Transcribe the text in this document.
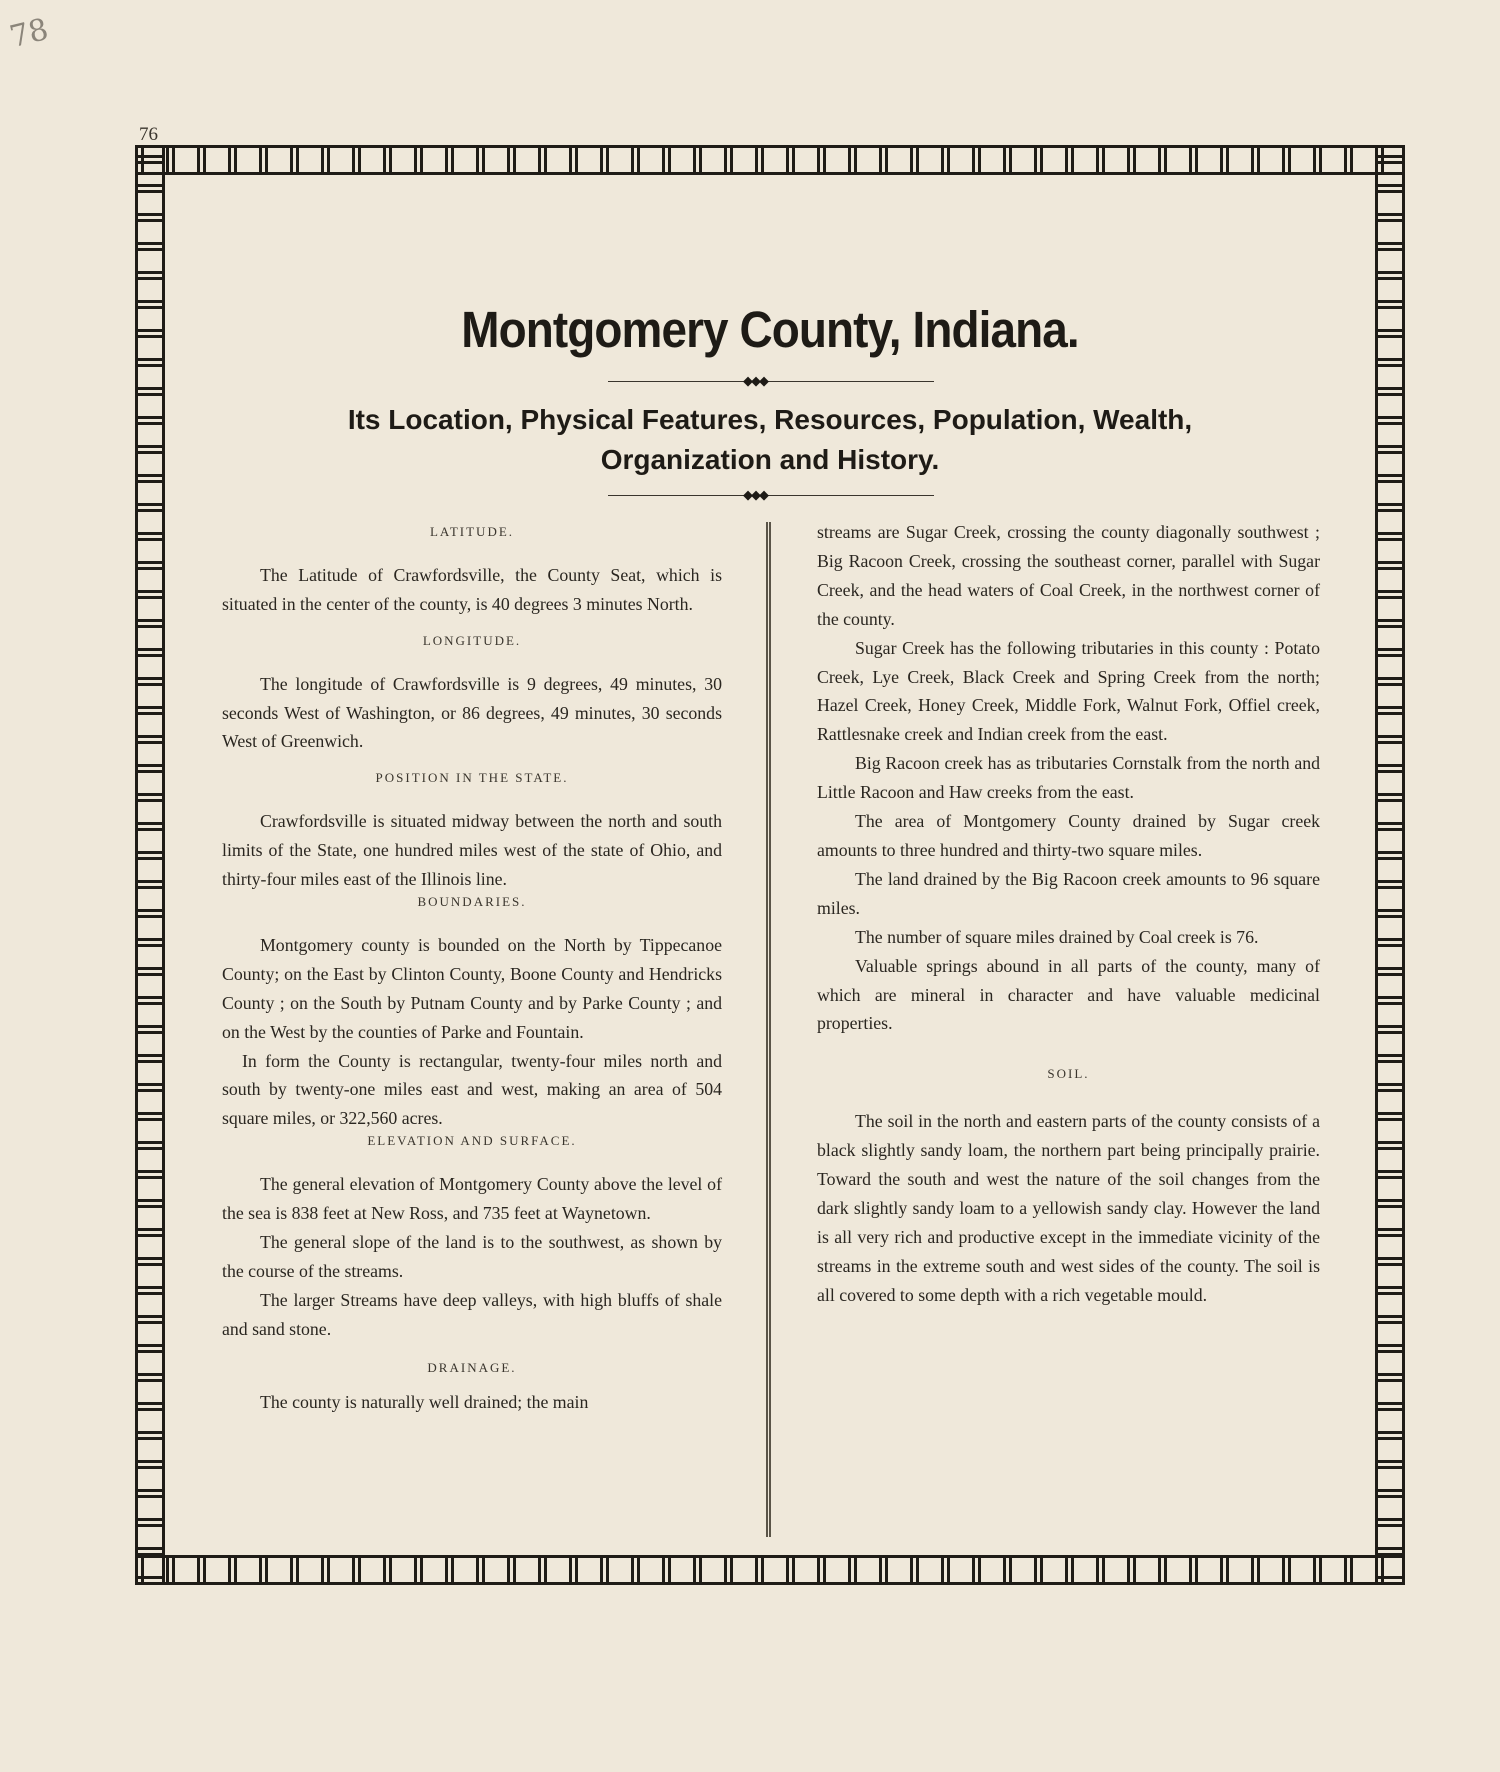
78
76
Montgomery County, Indiana.
◆◆◆
Its Location, Physical Features, Resources, Population, Wealth,
Organization and History.
◆◆◆

LATITUDE.

The Latitude of Crawfordsville, the County Seat, which is situated in the center of the county, is 40 degrees 3 minutes North.

LONGITUDE.

The longitude of Crawfordsville is 9 degrees, 49 minutes, 30 seconds West of Washington, or 86 degrees, 49 minutes, 30 seconds West of Greenwich.

POSITION IN THE STATE.

Crawfordsville is situated midway between the north and south limits of the State, one hundred miles west of the state of Ohio, and thirty-four miles east of the Illinois line.

BOUNDARIES.

Montgomery county is bounded on the North by Tippecanoe County; on the East by Clinton County, Boone County and Hendricks County ; on the South by Putnam County and by Parke County ; and on the West by the counties of Parke and Fountain.

In form the County is rectangular, twenty-four miles north and south by twenty-one miles east and west, making an area of 504 square miles, or 322,560 acres.

ELEVATION AND SURFACE.

The general elevation of Montgomery County above the level of the sea is 838 feet at New Ross, and 735 feet at Waynetown.

The general slope of the land is to the southwest, as shown by the course of the streams.

The larger Streams have deep valleys, with high bluffs of shale and sand stone.

DRAINAGE.

The county is naturally well drained; the main

streams are Sugar Creek, crossing the county diagonally southwest ; Big Racoon Creek, crossing the southeast corner, parallel with Sugar Creek, and the head waters of Coal Creek, in the northwest corner of the county.

Sugar Creek has the following tributaries in this county : Potato Creek, Lye Creek, Black Creek and Spring Creek from the north; Hazel Creek, Honey Creek, Middle Fork, Walnut Fork, Offiel creek, Rattlesnake creek and Indian creek from the east.

Big Racoon creek has as tributaries Cornstalk from the north and Little Racoon and Haw creeks from the east.

The area of Montgomery County drained by Sugar creek amounts to three hundred and thirty-two square miles.

The land drained by the Big Racoon creek amounts to 96 square miles.

The number of square miles drained by Coal creek is 76.

Valuable springs abound in all parts of the county, many of which are mineral in character and have valuable medicinal properties.

SOIL.

The soil in the north and eastern parts of the county consists of a black slightly sandy loam, the northern part being principally prairie. Toward the south and west the nature of the soil changes from the dark slightly sandy loam to a yellowish sandy clay. However the land is all very rich and productive except in the immediate vicinity of the streams in the extreme south and west sides of the county. The soil is all covered to some depth with a rich vegetable mould.
